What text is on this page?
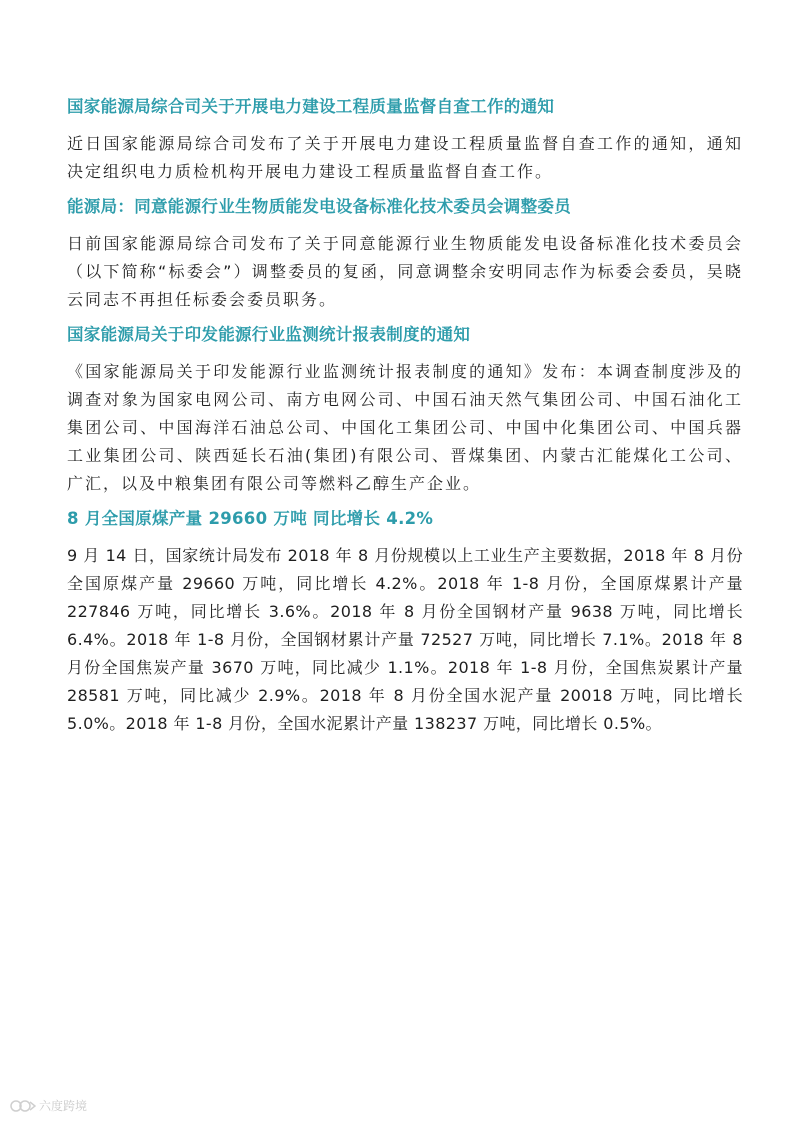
国家能源局综合司关于开展电力建设工程质量监督自查工作的通知

近日国家能源局综合司发布了关于开展电力建设工程质量监督自查工作的通知，通知决定组织电力质检机构开展电力建设工程质量监督自查工作。

能源局：同意能源行业生物质能发电设备标准化技术委员会调整委员

日前国家能源局综合司发布了关于同意能源行业生物质能发电设备标准化技术委员会（以下简称“标委会”）调整委员的复函，同意调整余安明同志作为标委会委员，吴晓云同志不再担任标委会委员职务。

国家能源局关于印发能源行业监测统计报表制度的通知

《国家能源局关于印发能源行业监测统计报表制度的通知》发布：本调查制度涉及的调查对象为国家电网公司、南方电网公司、中国石油天然气集团公司、中国石油化工集团公司、中国海洋石油总公司、中国化工集团公司、中国中化集团公司、中国兵器工业集团公司、陕西延长石油(集团)有限公司、晋煤集团、内蒙古汇能煤化工公司、广汇，以及中粮集团有限公司等燃料乙醇生产企业。

8 月全国原煤产量 29660 万吨 同比增长 4.2%

9 月 14 日，国家统计局发布 2018 年 8 月份规模以上工业生产主要数据，2018 年 8 月份全国原煤产量 29660 万吨，同比增长 4.2%。2018 年 1-8 月份，全国原煤累计产量 227846 万吨，同比增长 3.6%。2018 年 8 月份全国钢材产量 9638 万吨，同比增长 6.4%。2018 年 1-8 月份，全国钢材累计产量 72527 万吨，同比增长 7.1%。2018 年 8 月份全国焦炭产量 3670 万吨，同比减少 1.1%。2018 年 1-8 月份，全国焦炭累计产量 28581 万吨，同比减少 2.9%。2018 年 8 月份全国水泥产量 20018 万吨，同比增长 5.0%。2018 年 1-8 月份，全国水泥累计产量 138237 万吨，同比增长 0.5%。

六度跨境
